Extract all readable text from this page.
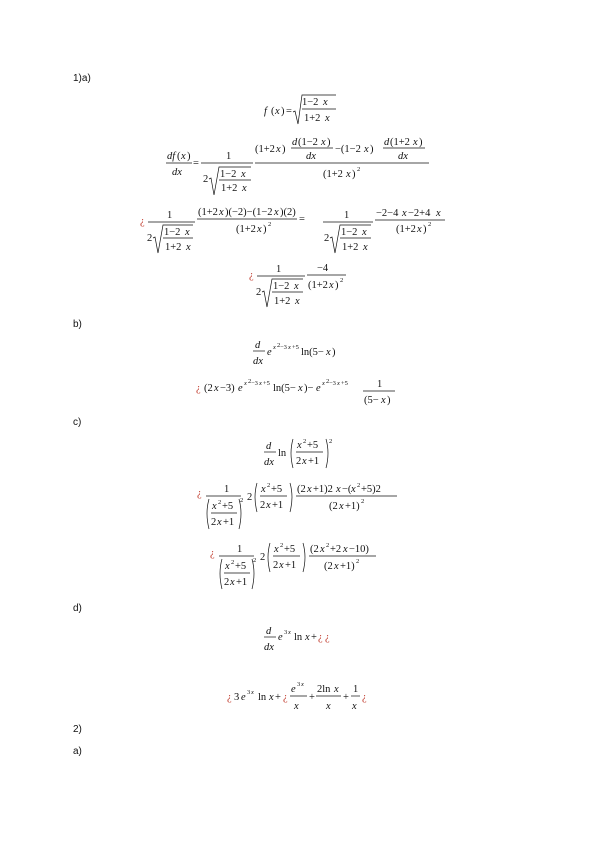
1)a)
b)
c)
d)
2)
a)
f ( x ) =
1−2 x
1+2 x
df ( x )
dx
=
1
2 1−2 x
1+2 x
(1+2 x )
d (1−2 x )
dx
−(1−2 x )
d (1+2 x )
dx
(1+2 x ) 2
¿
1
2
1−2 x
1+2 x
(1+2 x )(−2)−(1−2 x )(2)
(1+2 x ) 2	=	1
2
1−2 x
1+2 x
−2−4 x −2+4 x
(1+2 x ) 2
¿
1
2
1−2 x
1+2 x
−4
(1+2 x ) 2
d
dx
e x 2 −3 x +5 ln(5− x )
¿ (2 x −3) e x 2 −3 x +5 ln(5− x )− e x 2 −3 x +5	1
(5− x )
d
dx
ln
x 2 +5
2 x +1
2
¿ 1
x 2 +5
2 x +1
2 2
x 2 +5
2 x +1
(2 x +1)2 x −( x 2 +5)2
(2 x +1) 2
¿ 1
x 2 +5
2 x +1
2 2
x 2 +5
2 x +1
(2 x 2 +2 x −10)
(2 x +1) 2
d
dx
e 3 x ln x + ¿ ¿
¿ 3 e 3 x ln x + ¿
e 3 x
x
+
2ln x
x
+
1
x
¿
